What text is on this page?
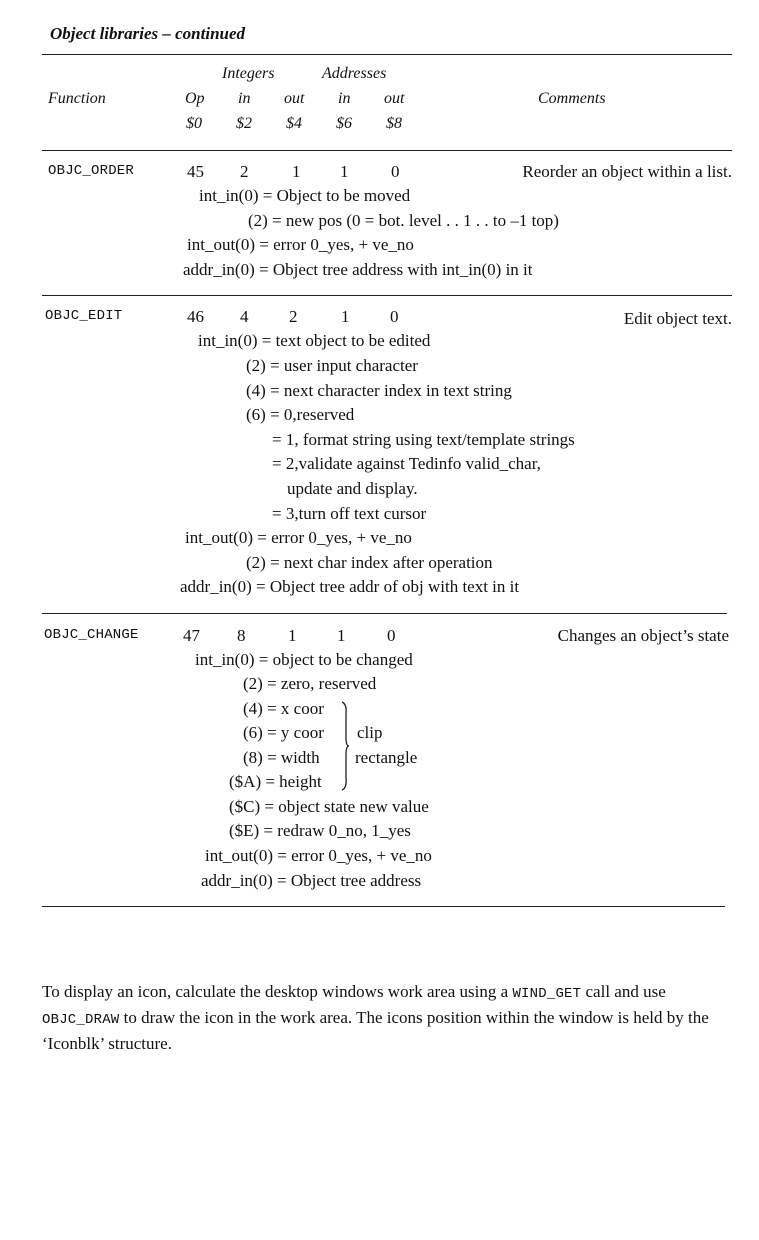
Object libraries – continued
Integers	Addresses
Function	Op in out in out	Comments
$0 $2 $4 $6 $8
OBJC_ORDER	45 2	1 1	0	Reorder an object within a list.
int_in(0) = Object to be moved
(2) = new pos (0 = bot. level . . 1 . . to –1 top)
int_out(0) = error 0_yes, + ve_no
addr_in(0) = Object tree address with int_in(0) in it
OBJC_EDIT	46 4 2	1 0	Edit object text.
int_in(0) = text object to be edited
(2) = user input character
(4) = next character index in text string
(6) = 0,reserved
= 1, format string using text/template strings
= 2,validate against Tedinfo valid_char,
update and display.
= 3,turn off text cursor
int_out(0) = error 0_yes, + ve_no
(2) = next char index after operation
addr_in(0) = Object tree addr of obj with text in it
OBJC_CHANGE	47 8	1 1 0	Changes an object’s state
int_in(0) = object to be changed
(2) = zero, reserved
(4) = x coor
(6) = y coor
(8) = width
($A) = height
($C) = object state new value
($E) = redraw 0_no, 1_yes
int_out(0) = error 0_yes, + ve_no
addr_in(0) = Object tree address
clip
rectangle
To display an icon, calculate the desktop windows work area using a WIND_GET call and use OBJC_DRAW to draw the icon in the work area. The icons position within the window is held by the ‘Iconblk’ structure.
